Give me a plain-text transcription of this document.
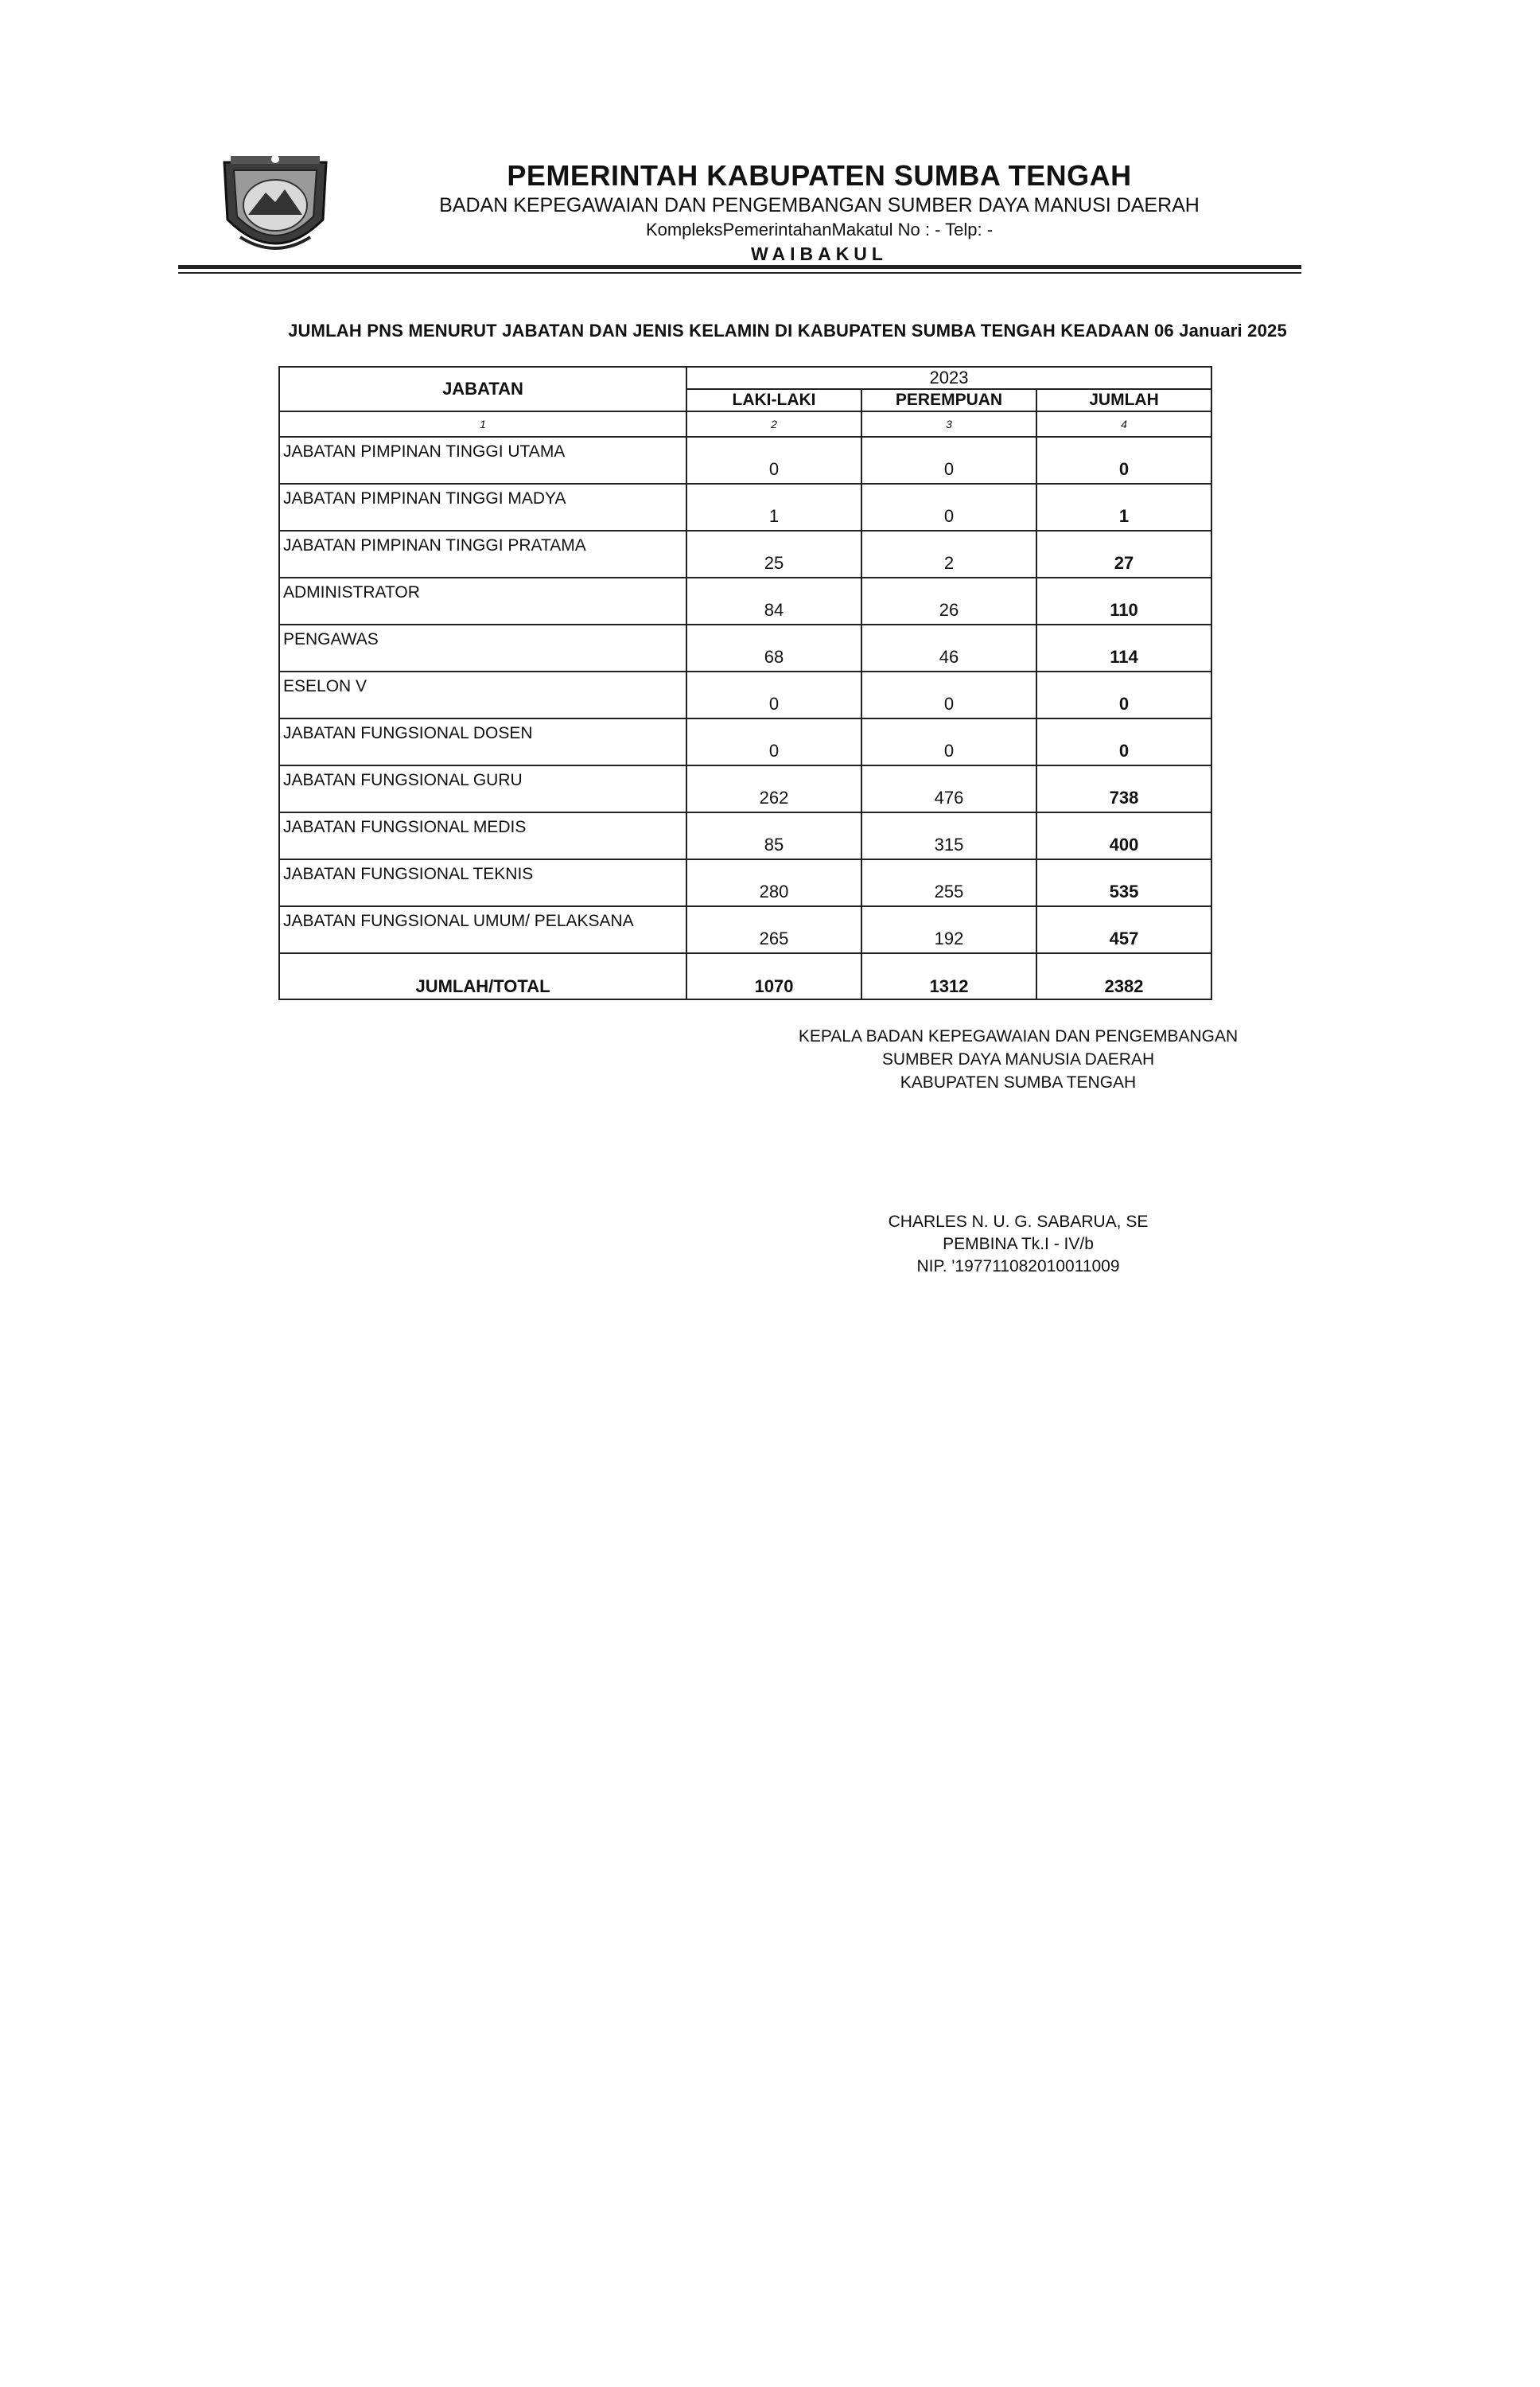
PEMERINTAH KABUPATEN SUMBA TENGAH
BADAN KEPEGAWAIAN DAN PENGEMBANGAN SUMBER DAYA MANUSI DAERAH
KompleksPemerintahanMakatul No : - Telp: -
WAIBAKUL
JUMLAH PNS MENURUT JABATAN DAN JENIS KELAMIN DI KABUPATEN SUMBA TENGAH KEADAAN 06 Januari 2025
JABATAN	2023		
	LAKI-LAKI	PEREMPUAN	JUMLAH
1	2	3	4
JABATAN PIMPINAN TINGGI UTAMA	0	0	0
JABATAN PIMPINAN TINGGI MADYA	1	0	1
JABATAN PIMPINAN TINGGI PRATAMA	25	2	27
ADMINISTRATOR	84	26	110
PENGAWAS	68	46	114
ESELON V	0	0	0
JABATAN FUNGSIONAL DOSEN	0	0	0
JABATAN FUNGSIONAL GURU	262	476	738
JABATAN FUNGSIONAL MEDIS	85	315	400
JABATAN FUNGSIONAL TEKNIS	280	255	535
JABATAN FUNGSIONAL UMUM/ PELAKSANA	265	192	457
JUMLAH/TOTAL	1070	1312	2382
KEPALA BADAN KEPEGAWAIAN DAN PENGEMBANGAN
SUMBER DAYA MANUSIA DAERAH
KABUPATEN SUMBA TENGAH
CHARLES N. U. G. SABARUA, SE
PEMBINA Tk.I - IV/b
NIP. '197711082010011009
